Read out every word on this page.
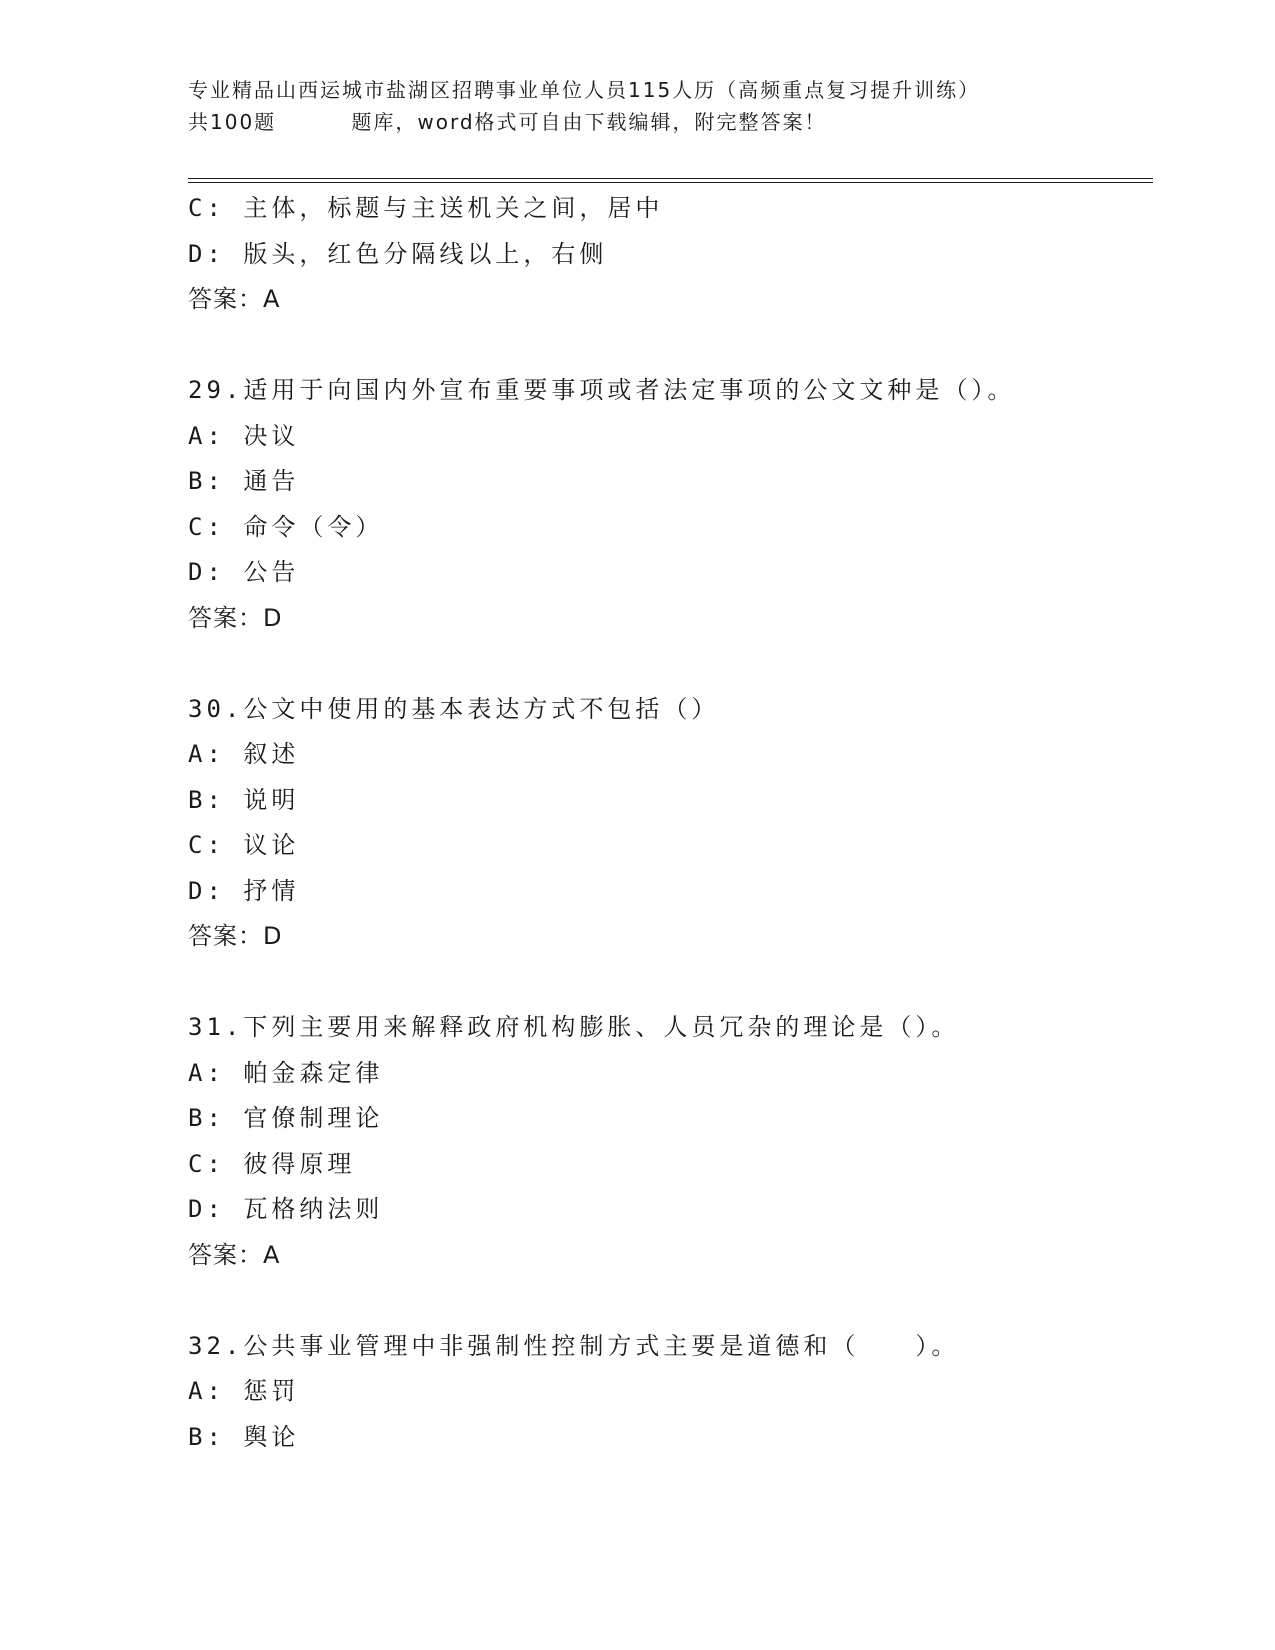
专业精品山西运城市盐湖区招聘事业单位人员115人历（高频重点复习提升训练）
共100题         题库，word格式可自由下载编辑，附完整答案！
C: 主体，标题与主送机关之间，居中
D: 版头，红色分隔线以上，右侧
答案：A
29.适用于向国内外宣布重要事项或者法定事项的公文文种是（）。
A: 决议
B: 通告
C: 命令（令）
D: 公告
答案：D
30.公文中使用的基本表达方式不包括（）
A: 叙述
B: 说明
C: 议论
D: 抒情
答案：D
31.下列主要用来解释政府机构膨胀、人员冗杂的理论是（）。
A: 帕金森定律
B: 官僚制理论
C: 彼得原理
D: 瓦格纳法则
答案：A
32.公共事业管理中非强制性控制方式主要是道德和（　　）。
A: 惩罚
B: 舆论
